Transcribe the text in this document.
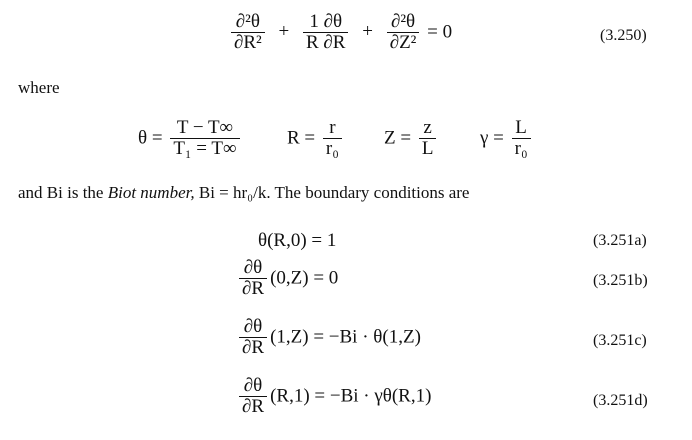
$\frac{\text{∂²θ}}{\text{∂R²}} + \frac{1 \partial\theta}{R \partial R} + \frac{\text{∂²θ}}{\text{∂Z²}} = 0$	(3.250)
where
$\theta = \frac{T - T\infty}{\text{T₁ = T∞}}$ $R = \frac{r}{\text{r₀}}$ $Z = \frac{z}{L}$ $\gamma = \frac{L}{\text{r₀}}$
and Bi is the Biot number, Bi = hr₀/k. The boundary conditions are
θ(R,0) = 1	(3.251a)
$\frac{\partial\theta}{\partial R} (0,Z) = 0$	(3.251b)
$\frac{\partial\theta}{\partial R} (1,Z) = -Bi \cdot \theta(1,Z)$	(3.251c)
$\frac{\partial\theta}{\partial R} (R,1) = -Bi \cdot \gamma\theta(R,1)$	(3.251d)
